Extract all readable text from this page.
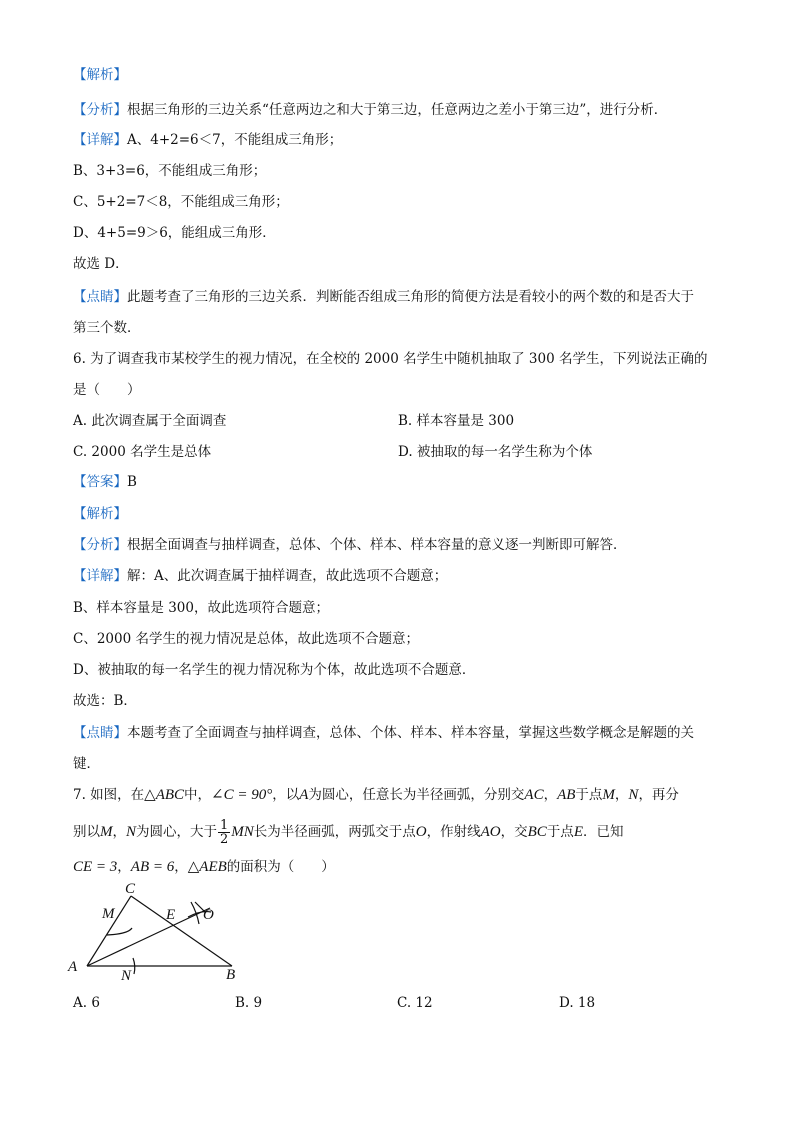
【解析】
【分析】根据三角形的三边关系“任意两边之和大于第三边，任意两边之差小于第三边”，进行分析．
【详解】A、4+2=6＜7，不能组成三角形；
B、3+3=6，不能组成三角形；
C、5+2=7＜8，不能组成三角形；
D、4+5=9＞6，能组成三角形．
故选 D．
【点睛】此题考查了三角形的三边关系．判断能否组成三角形的简便方法是看较小的两个数的和是否大于
第三个数．
6. 为了调查我市某校学生的视力情况，在全校的 2000 名学生中随机抽取了 300 名学生，下列说法正确的
是（　　）
A. 此次调查属于全面调查	B. 样本容量是 300
C. 2000 名学生是总体	D. 被抽取的每一名学生称为个体
【答案】B
【解析】
【分析】根据全面调查与抽样调查，总体、个体、样本、样本容量的意义逐一判断即可解答．
【详解】解：A、此次调查属于抽样调查，故此选项不合题意；
B、样本容量是 300，故此选项符合题意；
C、2000 名学生的视力情况是总体，故此选项不合题意；
D、被抽取的每一名学生的视力情况称为个体，故此选项不合题意．
故选：B．
【点睛】本题考查了全面调查与抽样调查，总体、个体、样本、样本容量，掌握这些数学概念是解题的关
键．
7. 如图，在△ABC中，∠C = 90°，以A为圆心，任意长为半径画弧，分别交AC，AB于点M，N，再分
别以M，N为圆心，大于 $\frac{1}{2}$ MN长为半径画弧，两弧交于点O，作射线AO，交BC于点E．已知
CE = 3，AB = 6，△AEB的面积为（　　）
A	B
C
E
M
N
O
A. 6	B. 9	C. 12	D. 18
